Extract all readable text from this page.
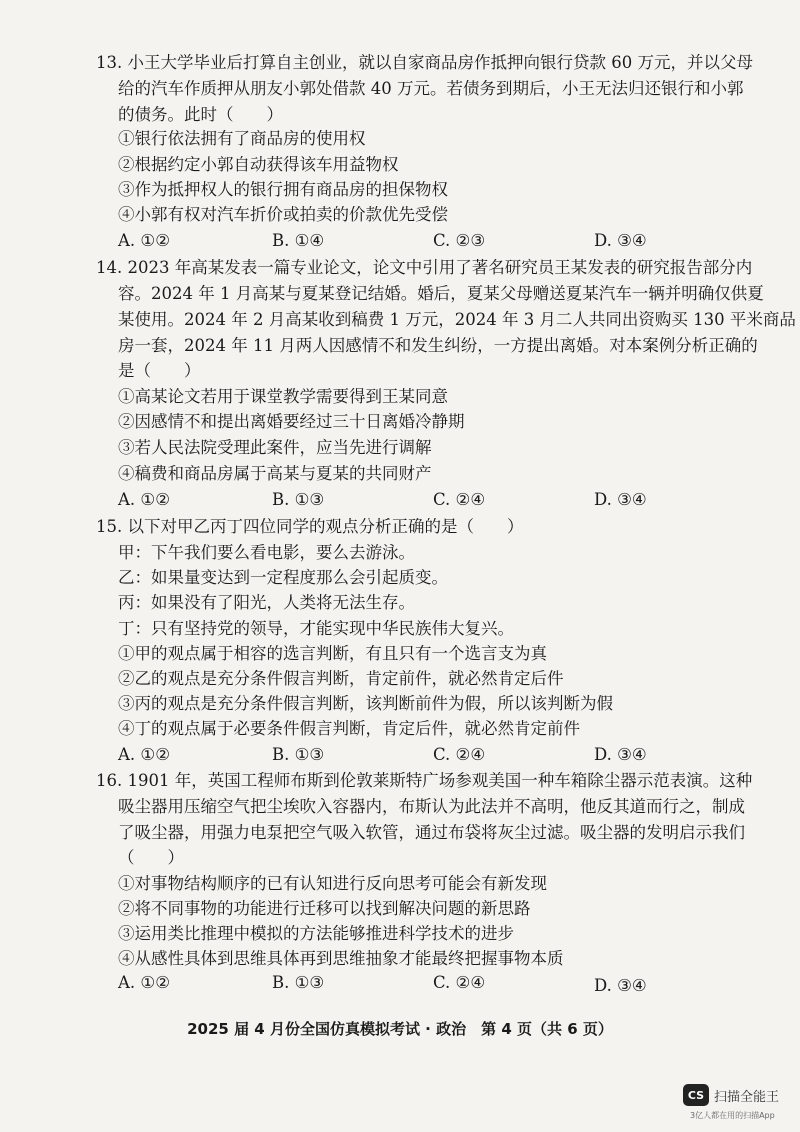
13. 小王大学毕业后打算自主创业，就以自家商品房作抵押向银行贷款 60 万元，并以父母
给的汽车作质押从朋友小郭处借款 40 万元。若债务到期后，小王无法归还银行和小郭
的债务。此时（　　）
①银行依法拥有了商品房的使用权
②根据约定小郭自动获得该车用益物权
③作为抵押权人的银行拥有商品房的担保物权
④小郭有权对汽车折价或拍卖的价款优先受偿
A. ①②	B. ①④	C. ②③	D. ③④
14. 2023 年高某发表一篇专业论文，论文中引用了著名研究员王某发表的研究报告部分内
容。2024 年 1 月高某与夏某登记结婚。婚后，夏某父母赠送夏某汽车一辆并明确仅供夏
某使用。2024 年 2 月高某收到稿费 1 万元，2024 年 3 月二人共同出资购买 130 平米商品
房一套，2024 年 11 月两人因感情不和发生纠纷，一方提出离婚。对本案例分析正确的
是（　　）
①高某论文若用于课堂教学需要得到王某同意
②因感情不和提出离婚要经过三十日离婚冷静期
③若人民法院受理此案件，应当先进行调解
④稿费和商品房属于高某与夏某的共同财产
A. ①②	B. ①③	C. ②④	D. ③④
15. 以下对甲乙丙丁四位同学的观点分析正确的是（　　）
甲：下午我们要么看电影，要么去游泳。
乙：如果量变达到一定程度那么会引起质变。
丙：如果没有了阳光，人类将无法生存。
丁：只有坚持党的领导，才能实现中华民族伟大复兴。
①甲的观点属于相容的选言判断，有且只有一个选言支为真
②乙的观点是充分条件假言判断，肯定前件，就必然肯定后件
③丙的观点是充分条件假言判断，该判断前件为假，所以该判断为假
④丁的观点属于必要条件假言判断，肯定后件，就必然肯定前件
A. ①②	B. ①③	C. ②④	D. ③④
16. 1901 年，英国工程师布斯到伦敦莱斯特广场参观美国一种车箱除尘器示范表演。这种
吸尘器用压缩空气把尘埃吹入容器内，布斯认为此法并不高明，他反其道而行之，制成
了吸尘器，用强力电泵把空气吸入软管，通过布袋将灰尘过滤。吸尘器的发明启示我们
（　　）
①对事物结构顺序的已有认知进行反向思考可能会有新发现
②将不同事物的功能进行迁移可以找到解决问题的新思路
③运用类比推理中模拟的方法能够推进科学技术的进步
④从感性具体到思维具体再到思维抽象才能最终把握事物本质
A. ①②	B. ①③	C. ②④	D. ③④
2025 届 4 月份全国仿真模拟考试 · 政治　第 4 页（共 6 页）
CS 扫描全能王
3亿人都在用的扫描App
